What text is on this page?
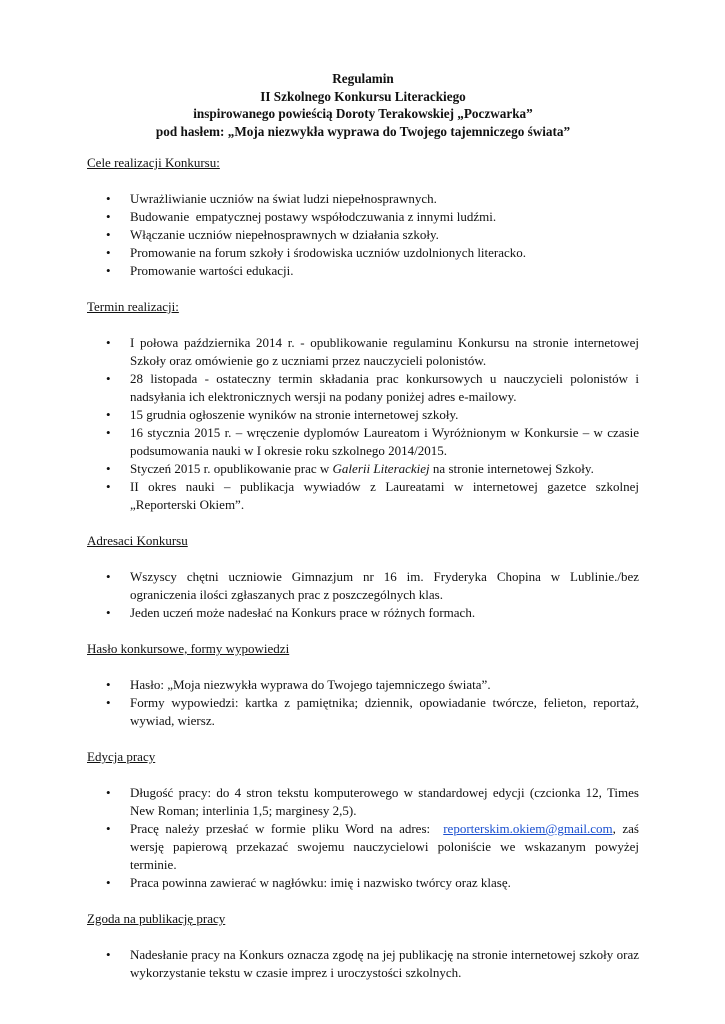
Regulamin
II Szkolnego Konkursu Literackiego
inspirowanego powieścią Doroty Terakowskiej „Poczwarka”
pod hasłem: „Moja niezwykła wyprawa do Twojego tajemniczego świata”
Cele realizacji Konkursu:
• Uwrażliwianie uczniów na świat ludzi niepełnosprawnych.
• Budowanie  empatycznej postawy współodczuwania z innymi ludźmi.
• Włączanie uczniów niepełnosprawnych w działania szkoły.
• Promowanie na forum szkoły i środowiska uczniów uzdolnionych literacko.
• Promowanie wartości edukacji.
Termin realizacji:
• I połowa października 2014 r. - opublikowanie regulaminu Konkursu na stronie internetowej Szkoły oraz omówienie go z uczniami przez nauczycieli polonistów.
• 28 listopada - ostateczny termin składania prac konkursowych u nauczycieli polonistów i nadsyłania ich elektronicznych wersji na podany poniżej adres e-mailowy.
• 15 grudnia ogłoszenie wyników na stronie internetowej szkoły.
• 16 stycznia 2015 r. – wręczenie dyplomów Laureatom i Wyróżnionym w Konkursie – w czasie podsumowania nauki w I okresie roku szkolnego 2014/2015.
• Styczeń 2015 r. opublikowanie prac w Galerii Literackiej na stronie internetowej Szkoły.
• II okres nauki – publikacja wywiadów z Laureatami w internetowej gazetce szkolnej „Reporterski Okiem”.
Adresaci Konkursu
• Wszyscy chętni uczniowie Gimnazjum nr 16 im. Fryderyka Chopina w Lublinie./bez ograniczenia ilości zgłaszanych prac z poszczególnych klas.
• Jeden uczeń może nadesłać na Konkurs prace w różnych formach.
Hasło konkursowe, formy wypowiedzi
• Hasło: „Moja niezwykła wyprawa do Twojego tajemniczego świata”.
• Formy wypowiedzi: kartka z pamiętnika; dziennik, opowiadanie twórcze, felieton, reportaż, wywiad, wiersz.
Edycja pracy
• Długość pracy: do 4 stron tekstu komputerowego w standardowej edycji (czcionka 12, Times New Roman; interlinia 1,5; marginesy 2,5).
• Pracę należy przesłać w formie pliku Word na adres:  reporterskim.okiem@gmail.com, zaś wersję papierową przekazać swojemu nauczycielowi poloniście we wskazanym powyżej terminie.
• Praca powinna zawierać w nagłówku: imię i nazwisko twórcy oraz klasę.
Zgoda na publikację pracy
• Nadesłanie pracy na Konkurs oznacza zgodę na jej publikację na stronie internetowej szkoły oraz wykorzystanie tekstu w czasie imprez i uroczystości szkolnych.
